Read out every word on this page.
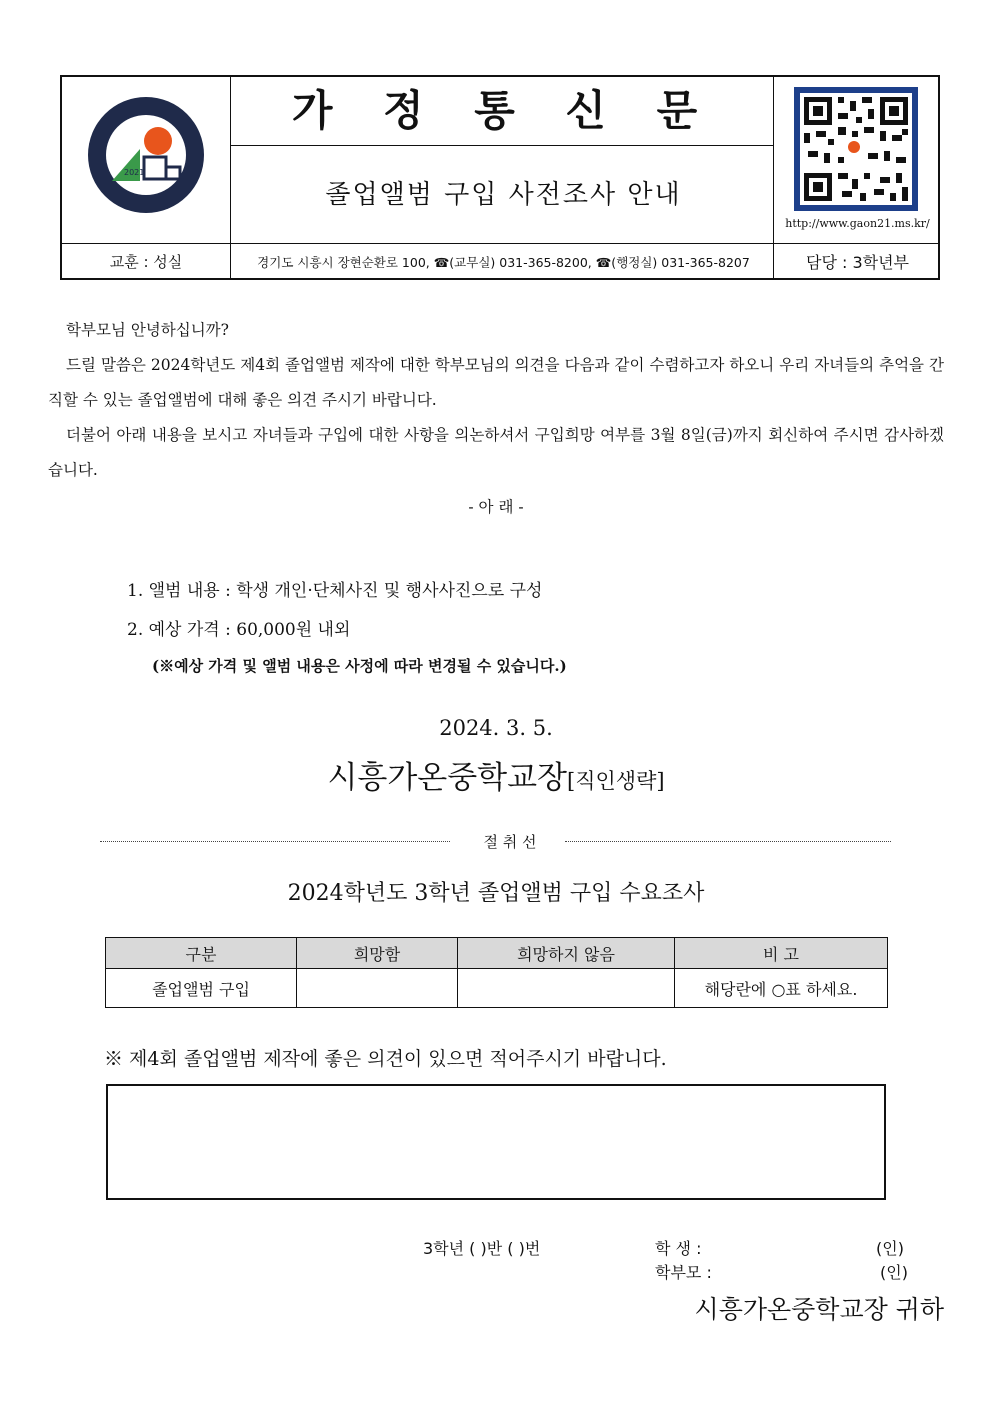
2021
가 정 통 신 문
졸업앨범 구입 사전조사 안내
http://www.gaon21.ms.kr/
교훈 : 성실	경기도 시흥시 장현순환로 100, ☎(교무실) 031-365-8200, ☎(행정실) 031-365-8207	담당 : 3학년부
학부모님 안녕하십니까?
드릴 말씀은 2024학년도 제4회 졸업앨범 제작에 대한 학부모님의 의견을 다음과 같이 수렴하고자 하오니 우리 자녀들의 추억을 간직할 수 있는 졸업앨범에 대해 좋은 의견 주시기 바랍니다.
더불어 아래 내용을 보시고 자녀들과 구입에 대한 사항을 의논하셔서 구입희망 여부를 3월 8일(금)까지 회신하여 주시면 감사하겠습니다.
- 아 래 -
1. 앨범 내용 : 학생 개인·단체사진 및 행사사진으로 구성
2. 예상 가격 : 60,000원 내외
(※예상 가격 및 앨범 내용은 사정에 따라 변경될 수 있습니다.)
2024. 3. 5.
시흥가온중학교장[직인생략]
절 취 선
2024학년도 3학년 졸업앨범 구입 수요조사
구분	희망함	희망하지 않음	비 고
졸업앨범 구입			해당란에 ○표 하세요.
※ 제4회 졸업앨범 제작에 좋은 의견이 있으면 적어주시기 바랍니다.
3학년 ( )반 ( )번	학 생 :	(인)
학부모 :	(인)
시흥가온중학교장 귀하
